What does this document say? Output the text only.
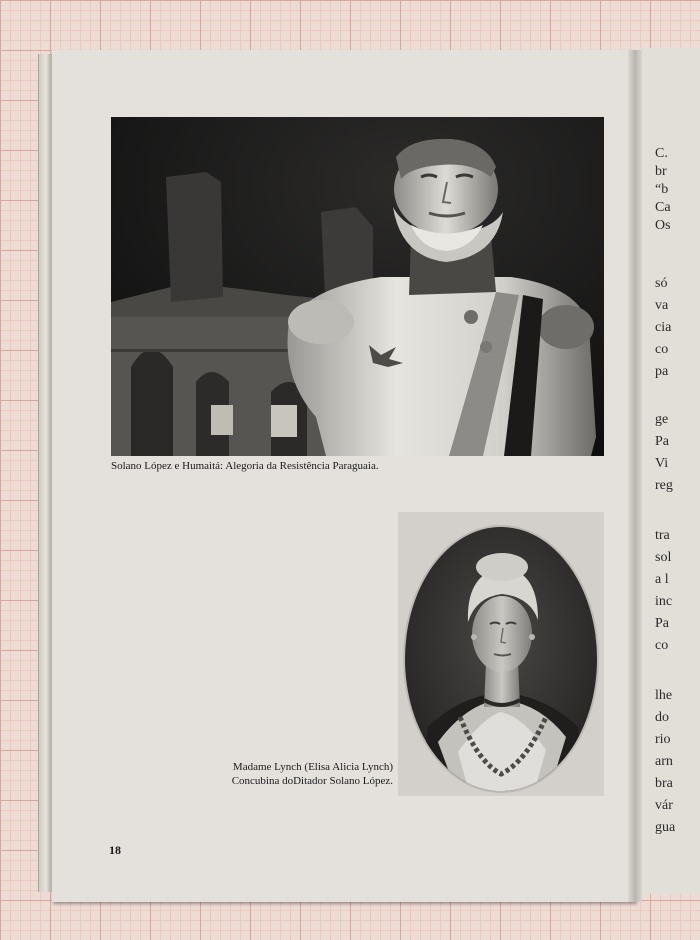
Solano López e Humaitá: Alegoria da Resistência Paraguaia.
Madame Lynch (Elisa Alicia Lynch)
Concubina doDitador Solano López.
18
C.
br
“b
Ca
Os
só
va
cia
co
pa
ge
Pa
Vi
reg
tra
sol
a l
inc
Pa
co
lhe
do
rio
arn
bra
vár
gua
